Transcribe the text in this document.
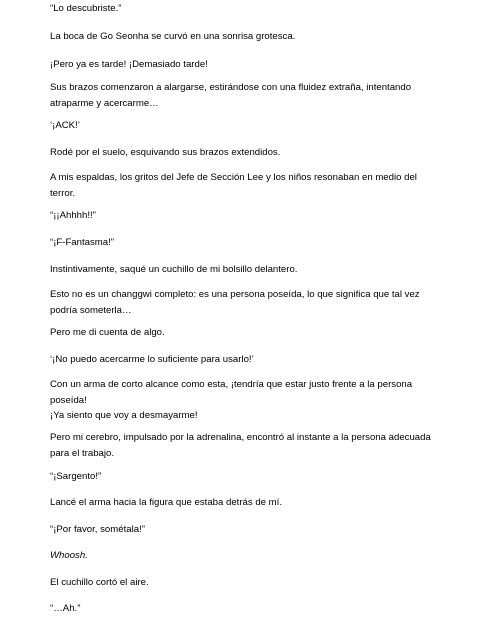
“Lo descubriste.”

La boca de Go Seonha se curvó en una sonrisa grotesca.

¡Pero ya es tarde! ¡Demasiado tarde!

Sus brazos comenzaron a alargarse, estirándose con una fluidez extraña, intentando
atraparme y acercarme…

‘¡ACK!’

Rodé por el suelo, esquivando sus brazos extendidos.

A mis espaldas, los gritos del Jefe de Sección Lee y los niños resonaban en medio del
terror.

“¡¡Ahhhh!!”

“¡F-Fantasma!”

Instintivamente, saqué un cuchillo de mi bolsillo delantero.

Esto no es un changgwi completo: es una persona poseída, lo que significa que tal vez
podría someterla…

Pero me di cuenta de algo.

‘¡No puedo acercarme lo suficiente para usarlo!’

Con un arma de corto alcance como esta, ¡tendría que estar justo frente a la persona
poseída!
¡Ya siento que voy a desmayarme!

Pero mi cerebro, impulsado por la adrenalina, encontró al instante a la persona adecuada
para el trabajo.

“¡Sargento!”

Lancé el arma hacia la figura que estaba detrás de mí.

“¡Por favor, sométala!”

Whoosh.

El cuchillo cortó el aire.

“…Ah.”
